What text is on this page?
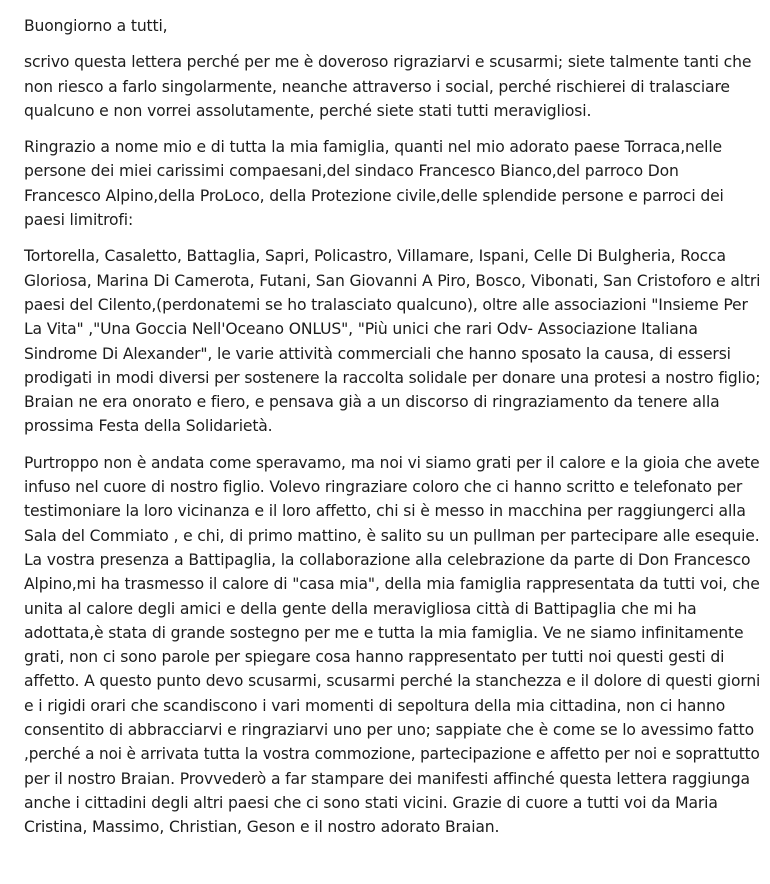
Buongiorno a tutti,

scrivo questa lettera perché per me è doveroso rigraziarvi e scusarmi; siete talmente tanti che
non riesco a farlo singolarmente, neanche attraverso i social, perché rischierei di tralasciare
qualcuno e non vorrei assolutamente, perché siete stati tutti meravigliosi.

Ringrazio a nome mio e di tutta la mia famiglia, quanti nel mio adorato paese Torraca,nelle
persone dei miei carissimi compaesani,del sindaco Francesco Bianco,del parroco Don
Francesco Alpino,della ProLoco, della Protezione civile,delle splendide persone e parroci dei
paesi limitrofi:

Tortorella, Casaletto, Battaglia, Sapri, Policastro, Villamare, Ispani, Celle Di Bulgheria, Rocca
Gloriosa, Marina Di Camerota, Futani, San Giovanni A Piro, Bosco, Vibonati, San Cristoforo e altri
paesi del Cilento,(perdonatemi se ho tralasciato qualcuno), oltre alle associazioni "Insieme Per
La Vita" ,"Una Goccia Nell'Oceano ONLUS", "Più unici che rari Odv- Associazione Italiana
Sindrome Di Alexander", le varie attività commerciali che hanno sposato la causa, di essersi
prodigati in modi diversi per sostenere la raccolta solidale per donare una protesi a nostro figlio;
Braian ne era onorato e fiero, e pensava già a un discorso di ringraziamento da tenere alla
prossima Festa della Solidarietà.

Purtroppo non è andata come speravamo, ma noi vi siamo grati per il calore e la gioia che avete
infuso nel cuore di nostro figlio. Volevo ringraziare coloro che ci hanno scritto e telefonato per
testimoniare la loro vicinanza e il loro affetto, chi si è messo in macchina per raggiungerci alla
Sala del Commiato , e chi, di primo mattino, è salito su un pullman per partecipare alle esequie.
La vostra presenza a Battipaglia, la collaborazione alla celebrazione da parte di Don Francesco
Alpino,mi ha trasmesso il calore di "casa mia", della mia famiglia rappresentata da tutti voi, che
unita al calore degli amici e della gente della meravigliosa città di Battipaglia che mi ha
adottata,è stata di grande sostegno per me e tutta la mia famiglia. Ve ne siamo infinitamente
grati, non ci sono parole per spiegare cosa hanno rappresentato per tutti noi questi gesti di
affetto. A questo punto devo scusarmi, scusarmi perché la stanchezza e il dolore di questi giorni
e i rigidi orari che scandiscono i vari momenti di sepoltura della mia cittadina, non ci hanno
consentito di abbracciarvi e ringraziarvi uno per uno; sappiate che è come se lo avessimo fatto
,perché a noi è arrivata tutta la vostra commozione, partecipazione e affetto per noi e soprattutto
per il nostro Braian. Provvederò a far stampare dei manifesti affinché questa lettera raggiunga
anche i cittadini degli altri paesi che ci sono stati vicini. Grazie di cuore a tutti voi da Maria
Cristina, Massimo, Christian, Geson e il nostro adorato Braian.
